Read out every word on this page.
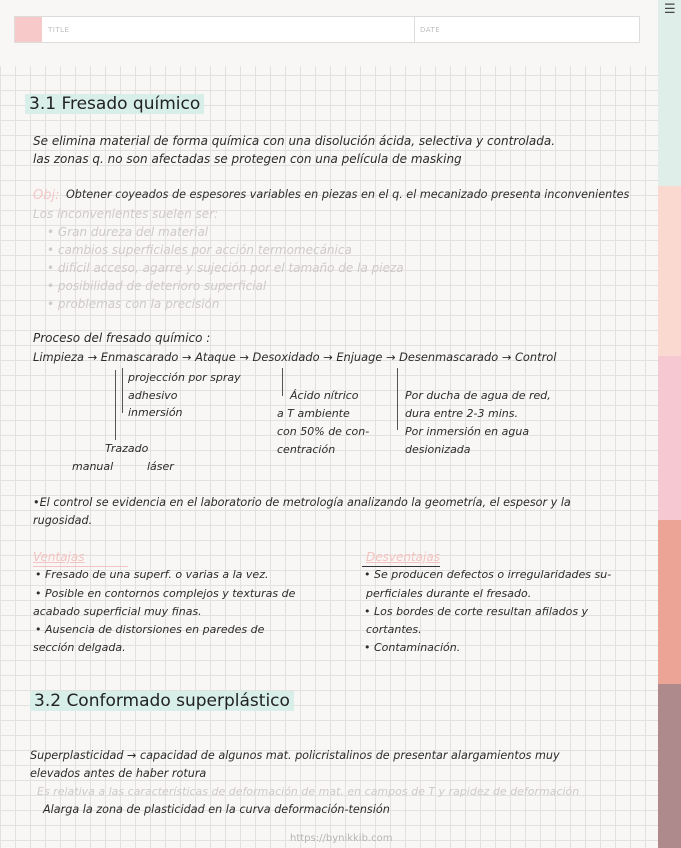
TITLE	DATE
3.1 Fresado químico
Se elimina material de forma química con una disolución ácida, selectiva y controlada.
las zonas q. no son afectadas se protegen con una película de masking
Obj: Obtener coyeados de espesores variables en piezas en el q. el mecanizado presenta inconvenientes
Los inconvenientes suelen ser:
• Gran dureza del material
• cambios superficiales por acción termomecánica
• difícil acceso, agarre y sujeción por el tamaño de la pieza
• posibilidad de deterioro superficial
• problemas con la precisión
Proceso del fresado químico :
Limpieza → Enmascarado → Ataque → Desoxidado → Enjuage → Desenmascarado → Control
projección por spray
adhesivo
inmersión
Trazado
manual	láser
Ácido nítrico
a T ambiente
con 50% de con-
centración
Por ducha de agua de red,
dura entre 2-3 mins.
Por inmersión en agua
desionizada
•El control se evidencia en el laboratorio de metrología analizando la geometría, el espesor y la
rugosidad.
Ventajas
• Fresado de una superf. o varias a la vez.
• Posible en contornos complejos y texturas de
acabado superficial muy finas.
• Ausencia de distorsiones en paredes de
sección delgada.
Desventajas
• Se producen defectos o irregularidades su-
perficiales durante el fresado.
• Los bordes de corte resultan afilados y
cortantes.
• Contaminación.
3.2 Conformado superplástico
Superplasticidad → capacidad de algunos mat. policristalinos de presentar alargamientos muy
elevados antes de haber rotura
Es relativa a las características de deformación de mat. en campos de T y rapidez de deformación
Alarga la zona de plasticidad en la curva deformación-tensión
https://bynikkib.com
☰
